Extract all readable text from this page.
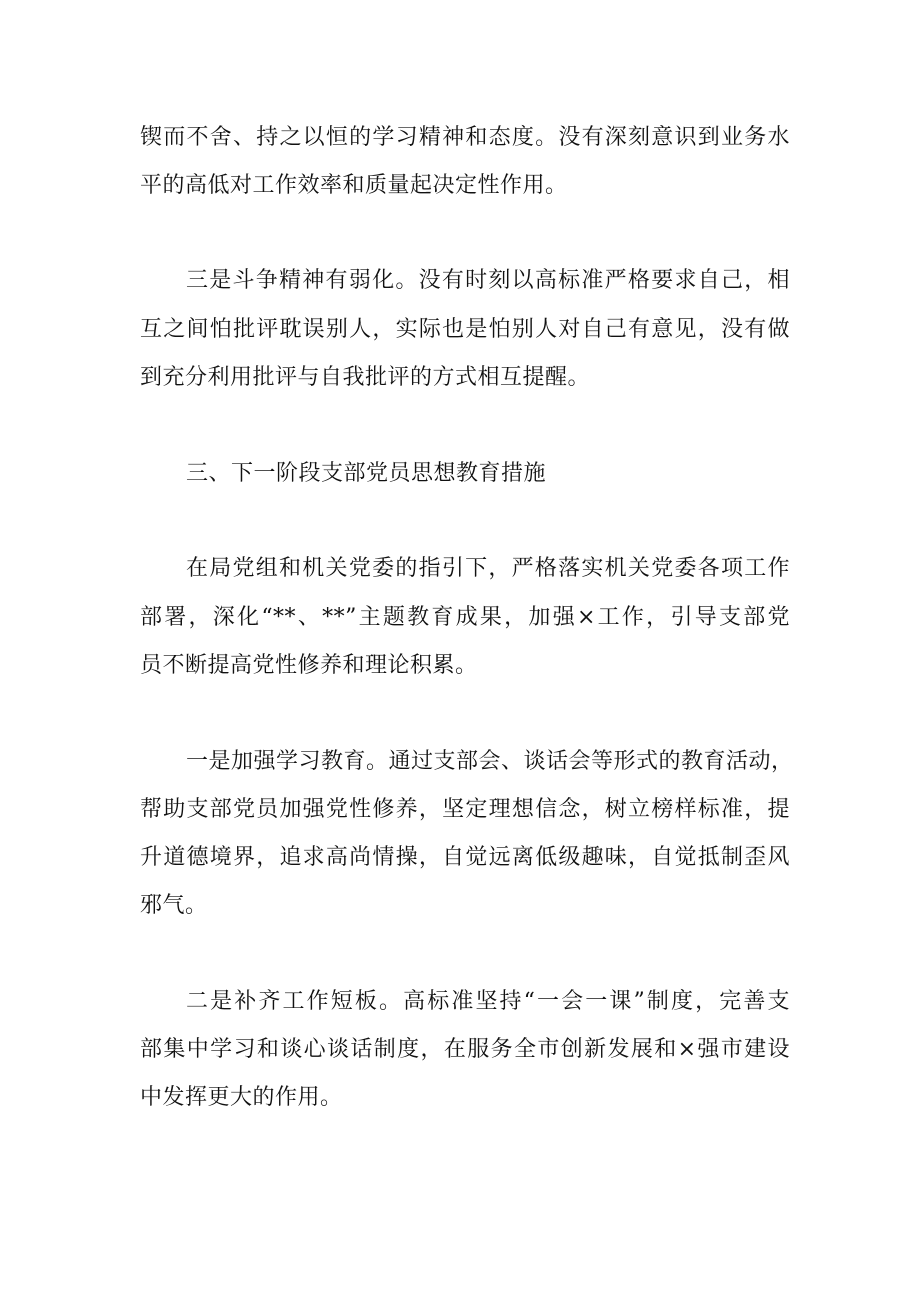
锲而不舍、持之以恒的学习精神和态度。没有深刻意识到业务水
平的高低对工作效率和质量起决定性作用。
三是斗争精神有弱化。没有时刻以高标准严格要求自己，相
互之间怕批评耽误别人，实际也是怕别人对自己有意见，没有做
到充分利用批评与自我批评的方式相互提醒。
三、下一阶段支部党员思想教育措施
在局党组和机关党委的指引下，严格落实机关党委各项工作
部署，深化“**、**”主题教育成果，加强×工作，引导支部党
员不断提高党性修养和理论积累。
一是加强学习教育。通过支部会、谈话会等形式的教育活动，
帮助支部党员加强党性修养，坚定理想信念，树立榜样标准，提
升道德境界，追求高尚情操，自觉远离低级趣味，自觉抵制歪风
邪气。
二是补齐工作短板。高标准坚持“一会一课”制度，完善支
部集中学习和谈心谈话制度，在服务全市创新发展和×强市建设
中发挥更大的作用。
